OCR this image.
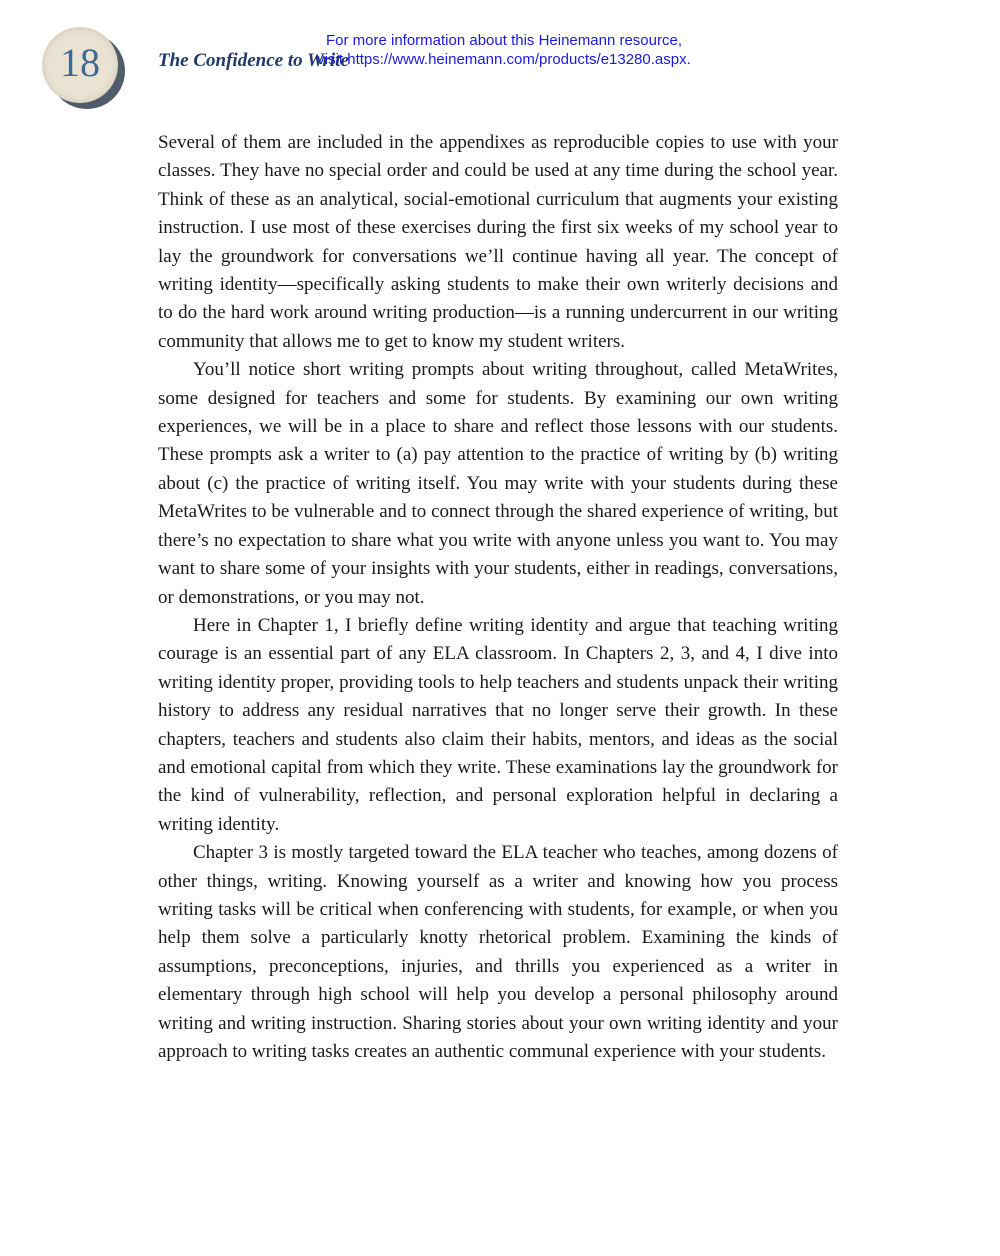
18	The Confidence to Write
For more information about this Heinemann resource,
visit https://www.heinemann.com/products/e13280.aspx.

Several of them are included in the appendixes as reproducible copies to use with your classes. They have no special order and could be used at any time during the school year. Think of these as an analytical, social-emotional curriculum that augments your existing instruction. I use most of these exercises during the first six weeks of my school year to lay the groundwork for conversations we’ll continue having all year. The concept of writing identity—specifically asking students to make their own writerly decisions and to do the hard work around writing production—is a running undercurrent in our writing community that allows me to get to know my student writers.

You’ll notice short writing prompts about writing throughout, called MetaWrites, some designed for teachers and some for students. By examining our own writing experiences, we will be in a place to share and reflect those lessons with our students. These prompts ask a writer to (a) pay attention to the practice of writing by (b) writing about (c) the practice of writing itself. You may write with your students during these MetaWrites to be vulnerable and to connect through the shared experience of writing, but there’s no expectation to share what you write with anyone unless you want to. You may want to share some of your insights with your students, either in readings, conversations, or demonstrations, or you may not.

Here in Chapter 1, I briefly define writing identity and argue that teaching writing courage is an essential part of any ELA classroom. In Chapters 2, 3, and 4, I dive into writing identity proper, providing tools to help teachers and students unpack their writing history to address any residual narratives that no longer serve their growth. In these chapters, teachers and students also claim their habits, mentors, and ideas as the social and emotional capital from which they write. These examinations lay the groundwork for the kind of vulnerability, reflection, and personal exploration helpful in declaring a writing identity.

Chapter 3 is mostly targeted toward the ELA teacher who teaches, among dozens of other things, writing. Knowing yourself as a writer and knowing how you process writing tasks will be critical when conferencing with students, for example, or when you help them solve a particularly knotty rhetorical problem. Examining the kinds of assumptions, preconceptions, injuries, and thrills you experienced as a writer in elementary through high school will help you develop a personal philosophy around writing and writing instruction. Sharing stories about your own writing identity and your approach to writing tasks creates an authentic communal experience with your students.
